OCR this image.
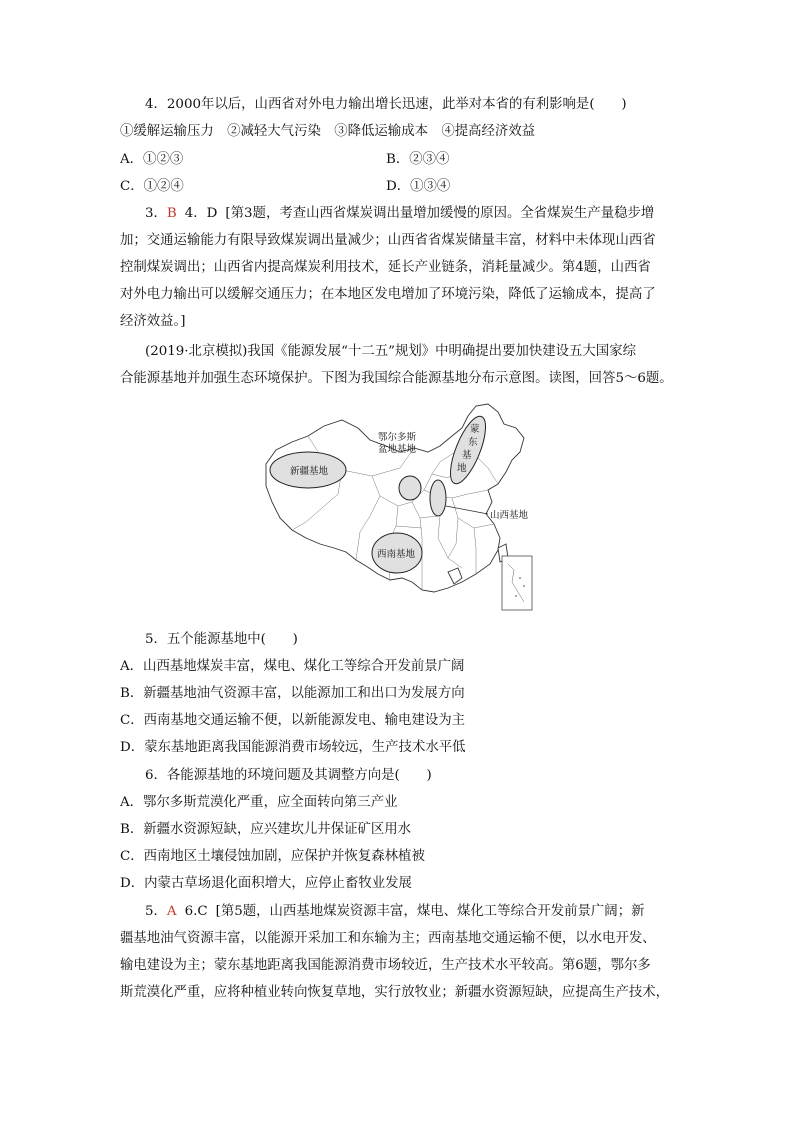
4．2000年以后，山西省对外电力输出增长迅速，此举对本省的有利影响是(　　)
①缓解运输压力　②减轻大气污染　③降低运输成本　④提高经济效益
A．①②③	B．②③④
C．①②④	D．①③④
3．B 4．D [第3题，考查山西省煤炭调出量增加缓慢的原因。全省煤炭生产量稳步增
加；交通运输能力有限导致煤炭调出量减少；山西省省煤炭储量丰富，材料中未体现山西省
控制煤炭调出；山西省内提高煤炭利用技术，延长产业链条，消耗量减少。第4题，山西省
对外电力输出可以缓解交通压力；在本地区发电增加了环境污染，降低了运输成本，提高了
经济效益。]
(2019·北京模拟)我国《能源发展“十二五”规划》中明确提出要加快建设五大国家综
合能源基地并加强生态环境保护。下图为我国综合能源基地分布示意图。读图，回答5～6题。
新疆基地
鄂尔多斯
盆地基地
蒙
东
基
地
山西基地
西南基地
5．五个能源基地中(　　)
A．山西基地煤炭丰富，煤电、煤化工等综合开发前景广阔
B．新疆基地油气资源丰富，以能源加工和出口为发展方向
C．西南基地交通运输不便，以新能源发电、输电建设为主
D．蒙东基地距离我国能源消费市场较远，生产技术水平低
6．各能源基地的环境问题及其调整方向是(　　)
A．鄂尔多斯荒漠化严重，应全面转向第三产业
B．新疆水资源短缺，应兴建坎儿井保证矿区用水
C．西南地区土壤侵蚀加剧，应保护并恢复森林植被
D．内蒙古草场退化面积增大，应停止畜牧业发展
5．A 6.C [第5题，山西基地煤炭资源丰富，煤电、煤化工等综合开发前景广阔；新
疆基地油气资源丰富，以能源开采加工和东输为主；西南基地交通运输不便，以水电开发、
输电建设为主；蒙东基地距离我国能源消费市场较近，生产技术水平较高。第6题，鄂尔多
斯荒漠化严重，应将种植业转向恢复草地，实行放牧业；新疆水资源短缺，应提高生产技术，
